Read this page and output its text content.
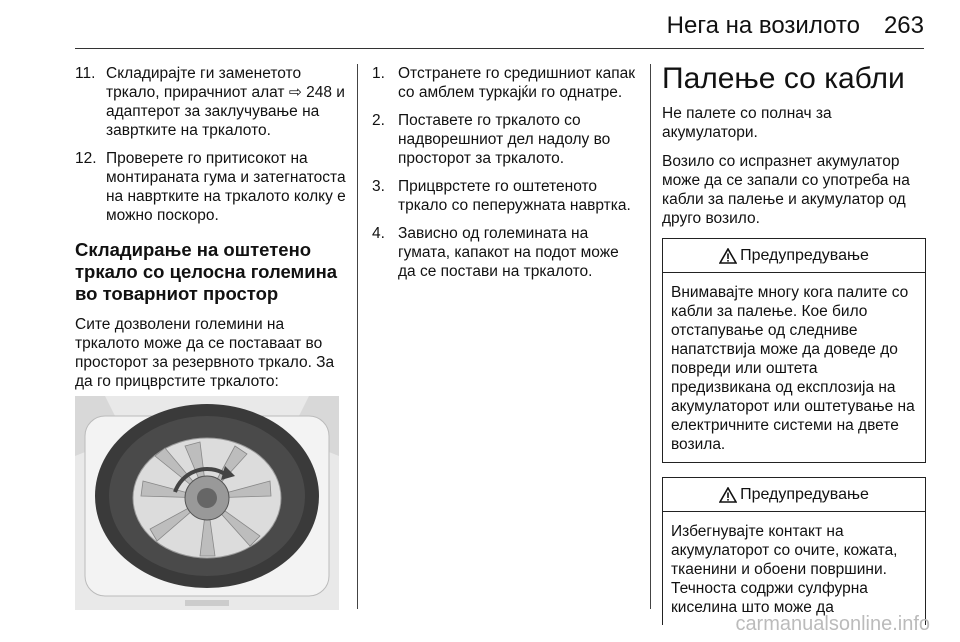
Нега на возилото 263
11. Складирајте ги заменетото тркало, прирачниот алат ⇨ 248 и адаптерот за заклучување на завртките на тркалото.
12. Проверете го притисокот на монтираната гума и затегнатоста на навртките на тркалото колку е можно поскоро.
Складирање на оштетено тркало со целосна големина во товарниот простор
Сите дозволени големини на тркалото може да се поставаат во просторот за резервното тркало. За да го прицврстите тркалото:
1. Отстранете го средишниот капак со амблем туркајќи го однатре.
2. Поставете го тркалото со надворешниот дел надолу во просторот за тркалото.
3. Прицврстете го оштетеното тркало со пеперужната навртка.
4. Зависно од големината на гумата, капакот на подот може да се постави на тркалото.
Палење со кабли
Не палете со полнач за акумулатори.
Возило со испразнет акумулатор може да се запали со употреба на кабли за палење и акумулатор од друго возило.
Предупредување
Внимавајте многу кога палите со кабли за палење. Кое било отстапување од следниве напатствија може да доведе до повреди или оштета предизвикана од експлозија на акумулаторот или оштетување на електричните системи на двете возила.
Предупредување
Избегнувајте контакт на акумулаторот со очите, кожата, ткаенини и обоени површини. Течноста содржи сулфурна киселина што може да
carmanualsonline.info
